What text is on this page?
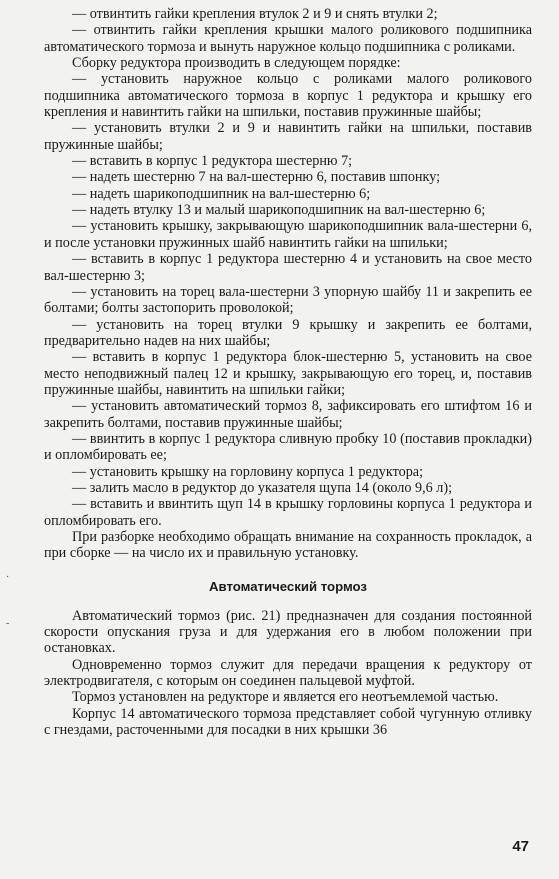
— отвинтить гайки крепления втулок 2 и 9 и снять втулки 2;

— отвинтить гайки крепления крышки малого роликового подшипника автоматического тормоза и вынуть наружное кольцо подшипника с роликами.

Сборку редуктора производить в следующем порядке:

— установить наружное кольцо с роликами малого роликового подшипника автоматического тормоза в корпус 1 редуктора и крышку его крепления и навинтить гайки на шпильки, поставив пружинные шайбы;

— установить втулки 2 и 9 и навинтить гайки на шпильки, поставив пружинные шайбы;

— вставить в корпус 1 редуктора шестерню 7;

— надеть шестерню 7 на вал-шестерню 6, поставив шпонку;

— надеть шарикоподшипник на вал-шестерню 6;

— надеть втулку 13 и малый шарикоподшипник на вал-шестерню 6;

— установить крышку, закрывающую шарикоподшипник вала-шестерни 6, и после установки пружинных шайб навинтить гайки на шпильки;

— вставить в корпус 1 редуктора шестерню 4 и установить на свое место вал-шестерню 3;

— установить на торец вала-шестерни 3 упорную шайбу 11 и закрепить ее болтами; болты застопорить проволокой;

— установить на торец втулки 9 крышку и закрепить ее болтами, предварительно надев на них шайбы;

— вставить в корпус 1 редуктора блок-шестерню 5, установить на свое место неподвижный палец 12 и крышку, закрывающую его торец, и, поставив пружинные шайбы, навинтить на шпильки гайки;

— установить автоматический тормоз 8, зафиксировать его штифтом 16 и закрепить болтами, поставив пружинные шайбы;

— ввинтить в корпус 1 редуктора сливную пробку 10 (поставив прокладки) и опломбировать ее;

— установить крышку на горловину корпуса 1 редуктора;

— залить масло в редуктор до указателя щупа 14 (около 9,6 л);

— вставить и ввинтить щуп 14 в крышку горловины корпуса 1 редуктора и опломбировать его.

При разборке необходимо обращать внимание на сохранность прокладок, а при сборке — на число их и правильную установку.

Автоматический тормоз

Автоматический тормоз (рис. 21) предназначен для создания постоянной скорости опускания груза и для удержания его в любом положении при остановках.

Одновременно тормоз служит для передачи вращения к редуктору от электродвигателя, с которым он соединен пальцевой муфтой.

Тормоз установлен на редукторе и является его неотъемлемой частью.

Корпус 14 автоматического тормоза представляет собой чугунную отливку с гнездами, расточенными для посадки в них крышки 36

47
·
‐
